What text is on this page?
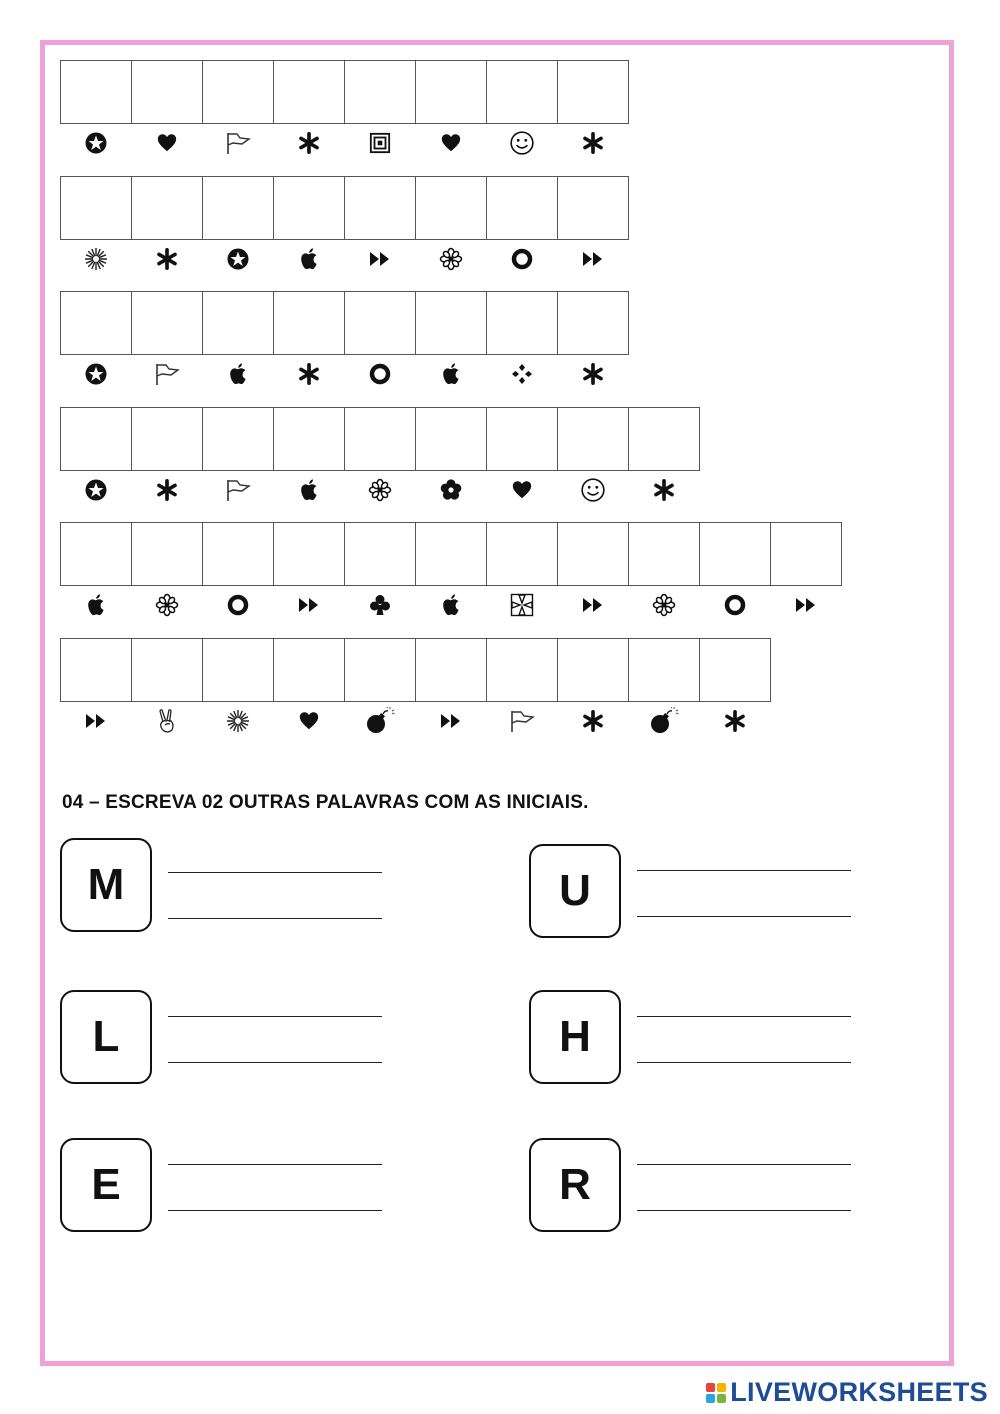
04 – ESCREVA 02 OUTRAS PALAVRAS COM AS INICIAIS.
M	U
L	H
E	R
LIVEWORKSHEETS
